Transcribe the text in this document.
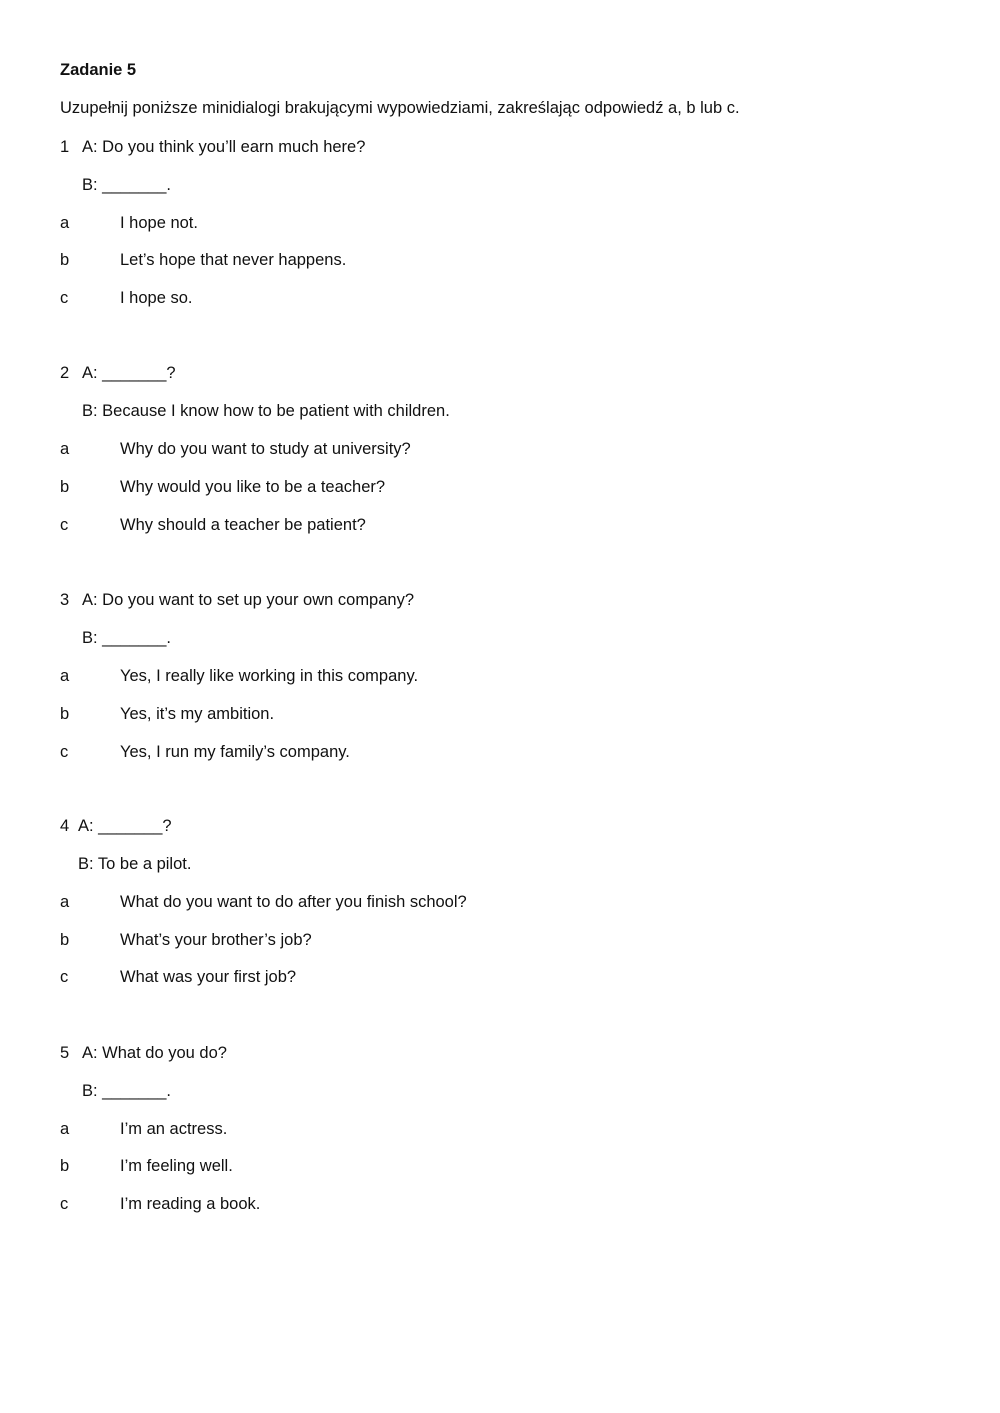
Zadanie 5
Uzupełnij poniższe minidialogi brakującymi wypowiedziami, zakreślając odpowiedź a, b lub c.
1 A: Do you think you’ll earn much here?
B: _______.
a	I hope not.
b	Let’s hope that never happens.
c	I hope so.
2 A: _______?
B: Because I know how to be patient with children.
a	Why do you want to study at university?
b	Why would you like to be a teacher?
c	Why should a teacher be patient?
3 A: Do you want to set up your own company?
B: _______.
a	Yes, I really like working in this company.
b	Yes, it’s my ambition.
c	Yes, I run my family’s company.
4 A: _______?
B: To be a pilot.
a	What do you want to do after you finish school?
b	What’s your brother’s job?
c	What was your first job?
5 A: What do you do?
B: _______.
a	I’m an actress.
b	I’m feeling well.
c	I’m reading a book.
